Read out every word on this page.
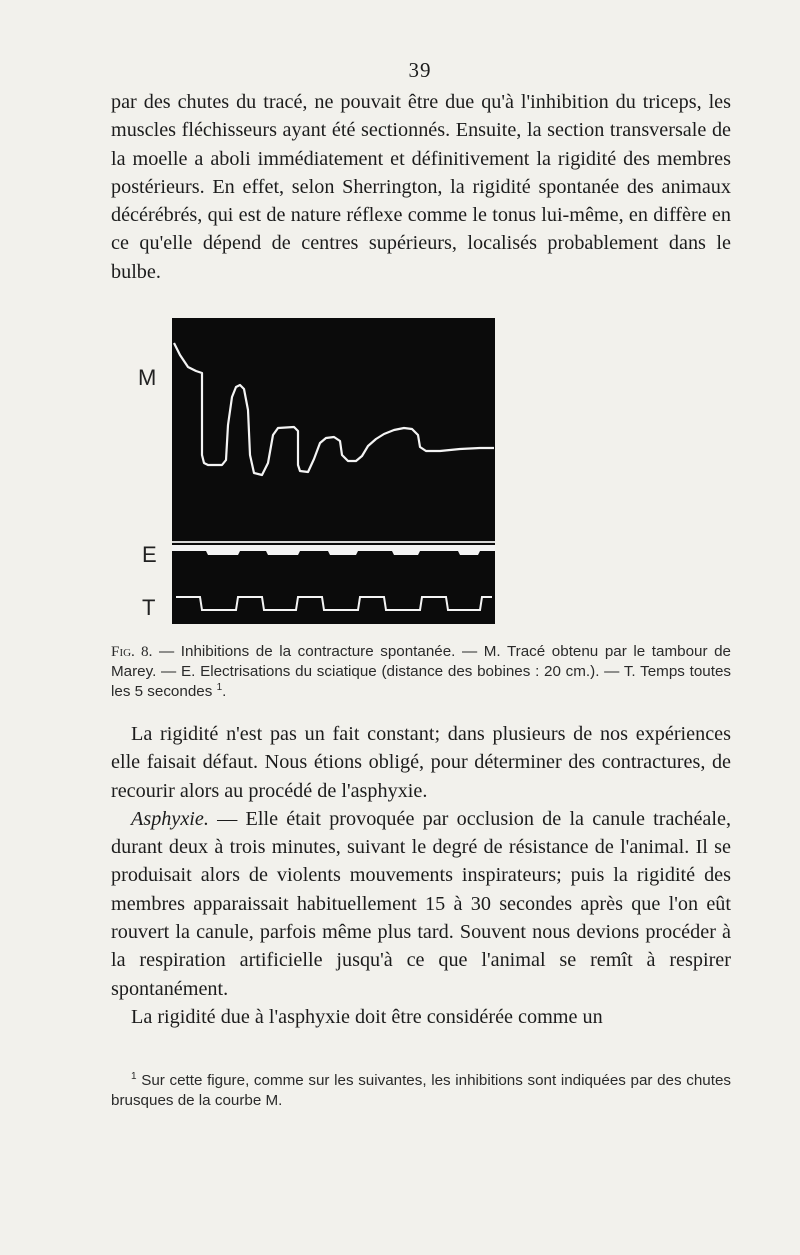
39

par des chutes du tracé, ne pouvait être due qu'à l'inhibition du triceps, les muscles fléchisseurs ayant été sectionnés. Ensuite, la section transversale de la moelle a aboli immédiatement et définitivement la rigidité des membres postérieurs. En effet, selon Sherrington, la rigidité spontanée des animaux décérébrés, qui est de nature réflexe comme le tonus lui-même, en diffère en ce qu'elle dépend de centres supérieurs, localisés probablement dans le bulbe.

M
E
T

Fig. 8. — Inhibitions de la contracture spontanée. — M. Tracé obtenu par le tambour de Marey. — E. Electrisations du sciatique (distance des bobines : 20 cm.). — T. Temps toutes les 5 secondes $^1$.

La rigidité n'est pas un fait constant; dans plusieurs de nos expériences elle faisait défaut. Nous étions obligé, pour déterminer des contractures, de recourir alors au procédé de l'asphyxie.

Asphyxie. — Elle était provoquée par occlusion de la canule trachéale, durant deux à trois minutes, suivant le degré de résistance de l'animal. Il se produisait alors de violents mouvements inspirateurs; puis la rigidité des membres apparaissait habituellement 15 à 30 secondes après que l'on eût rouvert la canule, parfois même plus tard. Souvent nous devions procéder à la respiration artificielle jusqu'à ce que l'animal se remît à respirer spontanément.

La rigidité due à l'asphyxie doit être considérée comme un

$^1$ Sur cette figure, comme sur les suivantes, les inhibitions sont indiquées par des chutes brusques de la courbe M.
